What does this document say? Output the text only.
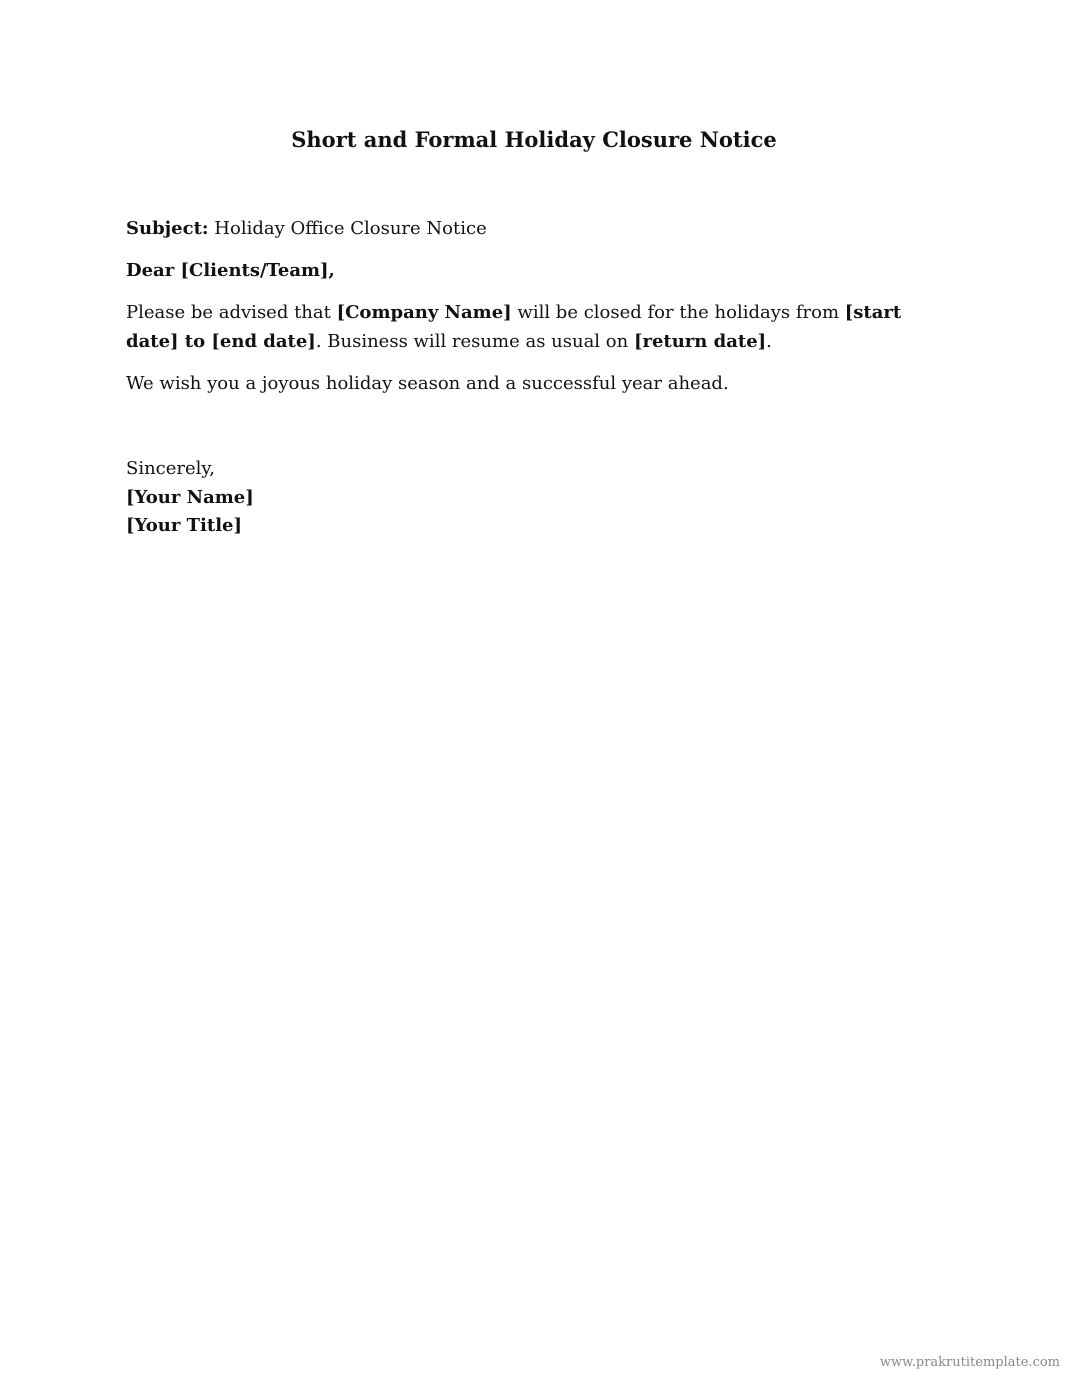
Short and Formal Holiday Closure Notice

Subject: Holiday Office Closure Notice

Dear [Clients/Team],

Please be advised that [Company Name] will be closed for the holidays from [start date] to [end date]. Business will resume as usual on [return date].

We wish you a joyous holiday season and a successful year ahead.

Sincerely,

[Your Name]

[Your Title]

www.prakrutitemplate.com
